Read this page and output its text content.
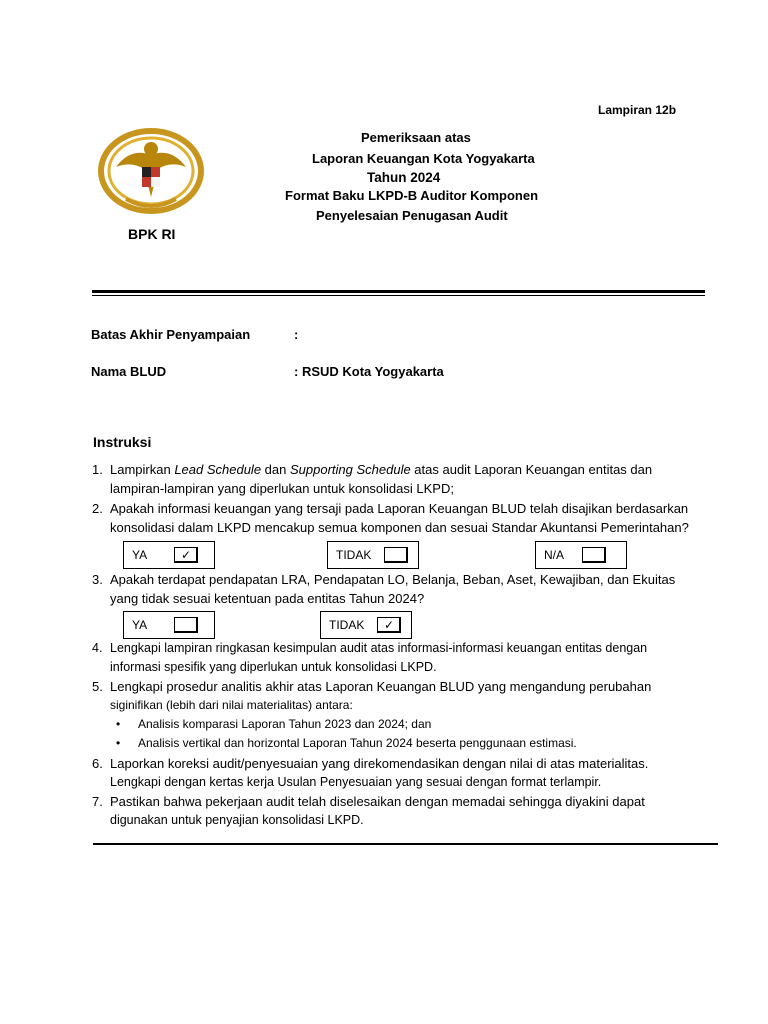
Lampiran 12b
BPK RI
Pemeriksaan atas
Laporan Keuangan Kota Yogyakarta
Tahun 2024
Format Baku LKPD-B Auditor Komponen
Penyelesaian Penugasan Audit
Batas Akhir Penyampaian	:
Nama BLUD	: RSUD Kota Yogyakarta
Instruksi
1. Lampirkan Lead Schedule dan Supporting Schedule atas audit Laporan Keuangan entitas dan
lampiran-lampiran yang diperlukan untuk konsolidasi LKPD;
2. Apakah informasi keuangan yang tersaji pada Laporan Keuangan BLUD telah disajikan berdasarkan
konsolidasi dalam LKPD mencakup semua komponen dan sesuai Standar Akuntansi Pemerintahan?
YA	✓	TIDAK	N/A
3. Apakah terdapat pendapatan LRA, Pendapatan LO, Belanja, Beban, Aset, Kewajiban, dan Ekuitas
yang tidak sesuai ketentuan pada entitas Tahun 2024?
YA	TIDAK	✓
4. Lengkapi lampiran ringkasan kesimpulan audit atas informasi-informasi keuangan entitas dengan
informasi spesifik yang diperlukan untuk konsolidasi LKPD.
5. Lengkapi prosedur analitis akhir atas Laporan Keuangan BLUD yang mengandung perubahan
siginifikan (lebih dari nilai materialitas) antara:
• Analisis komparasi Laporan Tahun 2023 dan 2024; dan
• Analisis vertikal dan horizontal Laporan Tahun 2024 beserta penggunaan estimasi.
6. Laporkan koreksi audit/penyesuaian yang direkomendasikan dengan nilai di atas materialitas.
Lengkapi dengan kertas kerja Usulan Penyesuaian yang sesuai dengan format terlampir.
7. Pastikan bahwa pekerjaan audit telah diselesaikan dengan memadai sehingga diyakini dapat
digunakan untuk penyajian konsolidasi LKPD.
